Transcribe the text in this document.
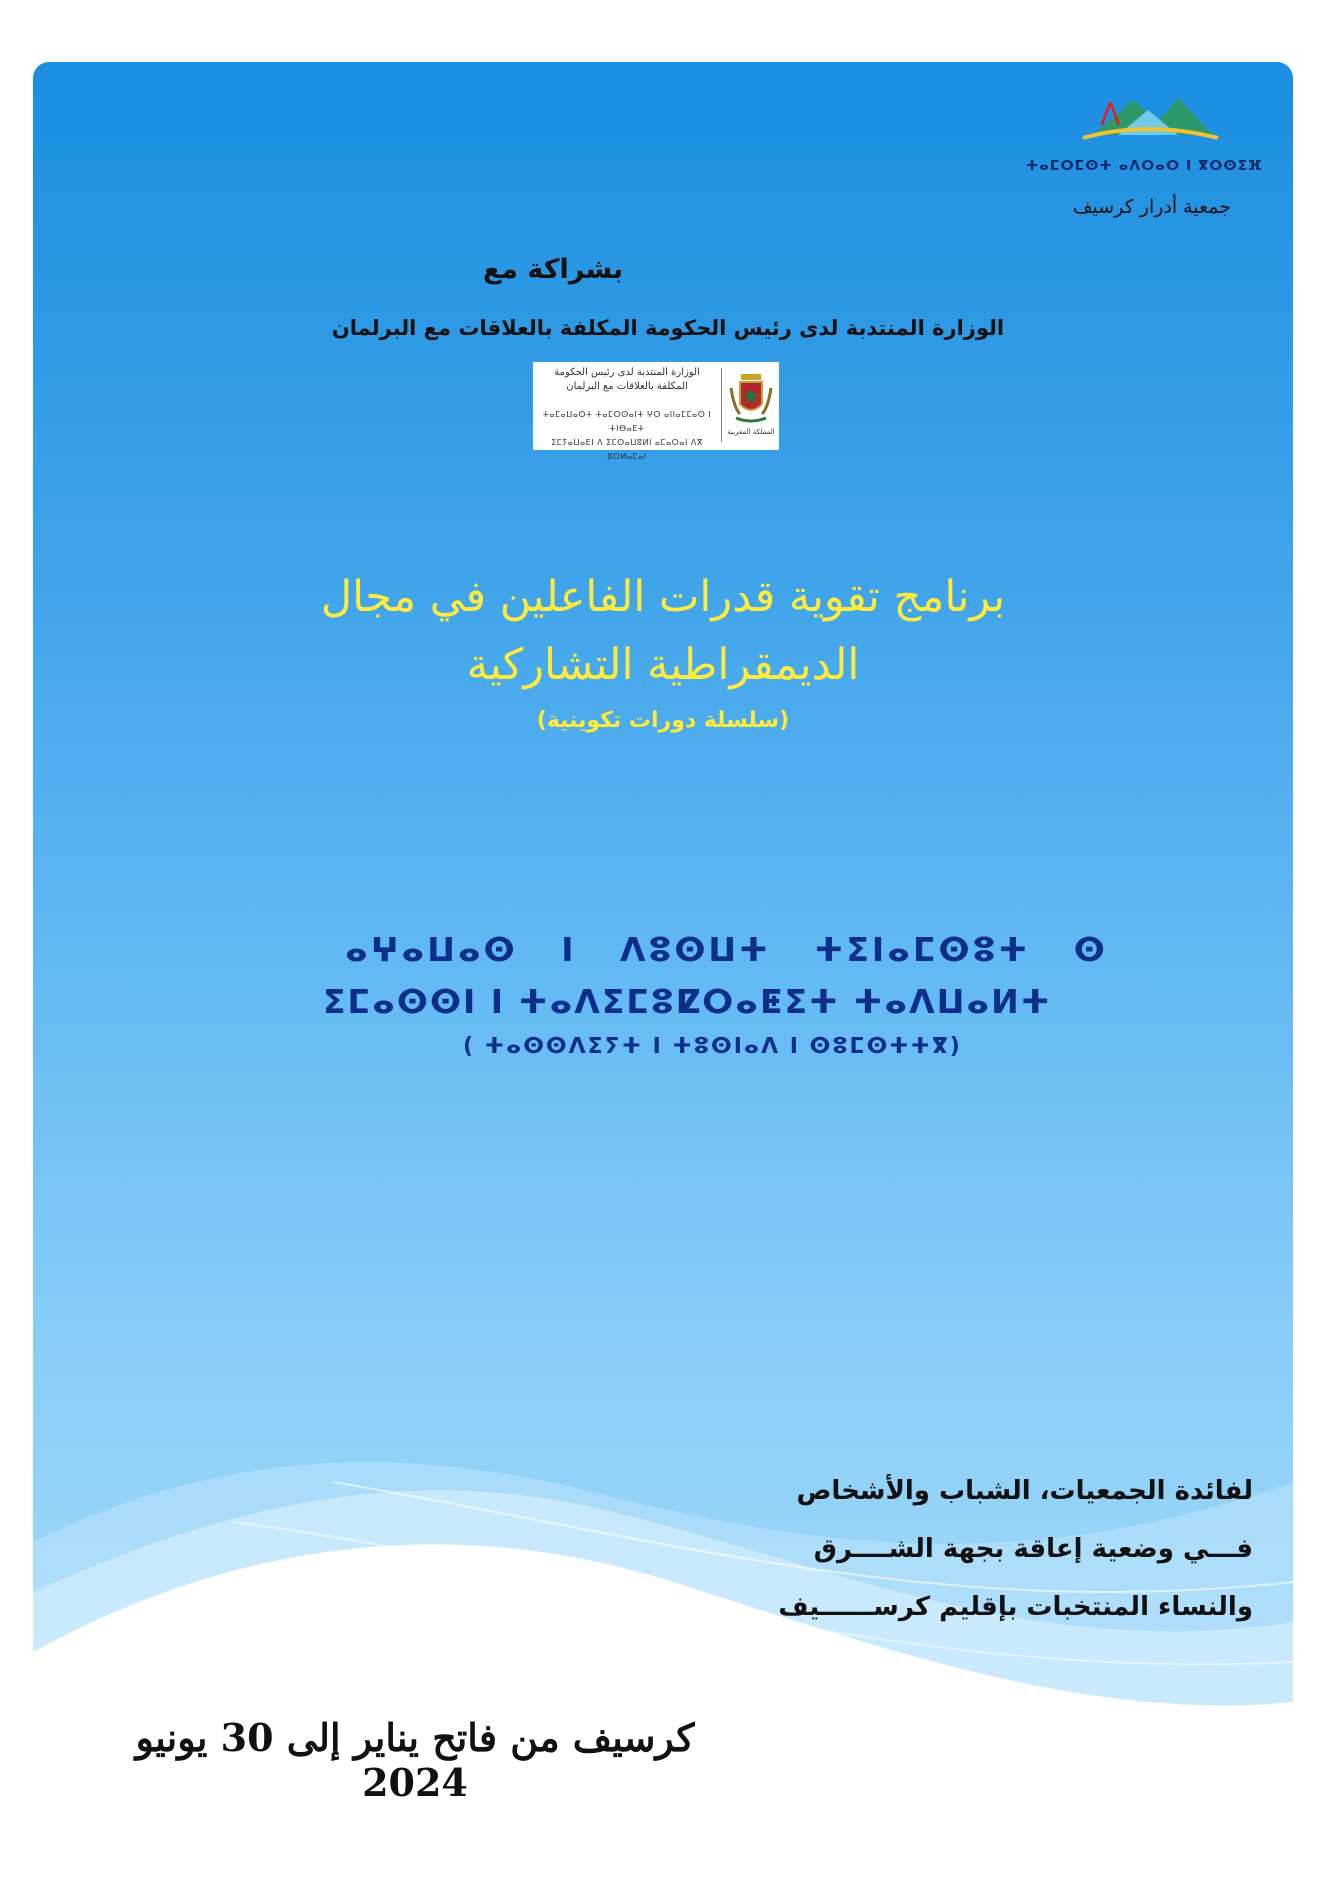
Λ
ⵜⴰⵎⵔⵎⵙⵜ ⴰⴷⵔⴰⵔ ⵏ ⴳⵔⵙⵉⴼ
جمعية أدرار كرسيف
بشراكة مع
الوزارة المنتدبة لدى رئيس الحكومة المكلفة بالعلاقات مع البرلمان
الوزارة المنتدبة لدى رئيس الحكومة
المكلفة بالعلاقات مع البرلمان
ⵜⴰⵎⴰⵡⴰⵙⵜ ⵜⴰⵎⵔⵙⴰⵏⵜ ⵖⵔ ⴰⵏⵏⴰⵎⵎⴰⵙ ⵏ ⵜⵏⴱⴰⴹⵜ
ⵉⵎⵢⴰⵡⴰⴹⵏ ⴷ ⵉⵎⵙⴰⵡⵓⵍⵏ ⴰⵎⴰⵔⴰⵏ ⴷⴳ ⵓⵔⵍⴰⵎⴰⵏ
المملكة المغربية
برنامج تقوية قدرات الفاعلين في مجال
الديمقراطية التشاركية
(سلسلة دورات تكوينية)
ⴰⵖⴰⵡⴰⵙ   ⵏ   ⴷⵓⵙⵡⵜ   ⵜⵉⵏⴰⵎⵙⵓⵜ   ⵙ
ⵉⵎⴰⵙⵙⵏ ⵏ ⵜⴰⴷⵉⵎⵓⵇⵔⴰⵟⵉⵜ ⵜⴰⴷⵡⴰⵍⵜ
( ⵜⴰⵙⵙⴷⵉⵢⵜ ⵏ ⵜⵓⵙⵏⴰⴷ ⵏ ⵙⵓⵎⵙⵜⵜⴳ)
لفائدة الجمعيات، الشباب والأشخاص
فـــي وضعية إعاقة بجهة الشــــرق
والنساء المنتخبات بإقليم كرســــــيف
كرسيف من فاتح يناير إلى 30 يونيو 2024
